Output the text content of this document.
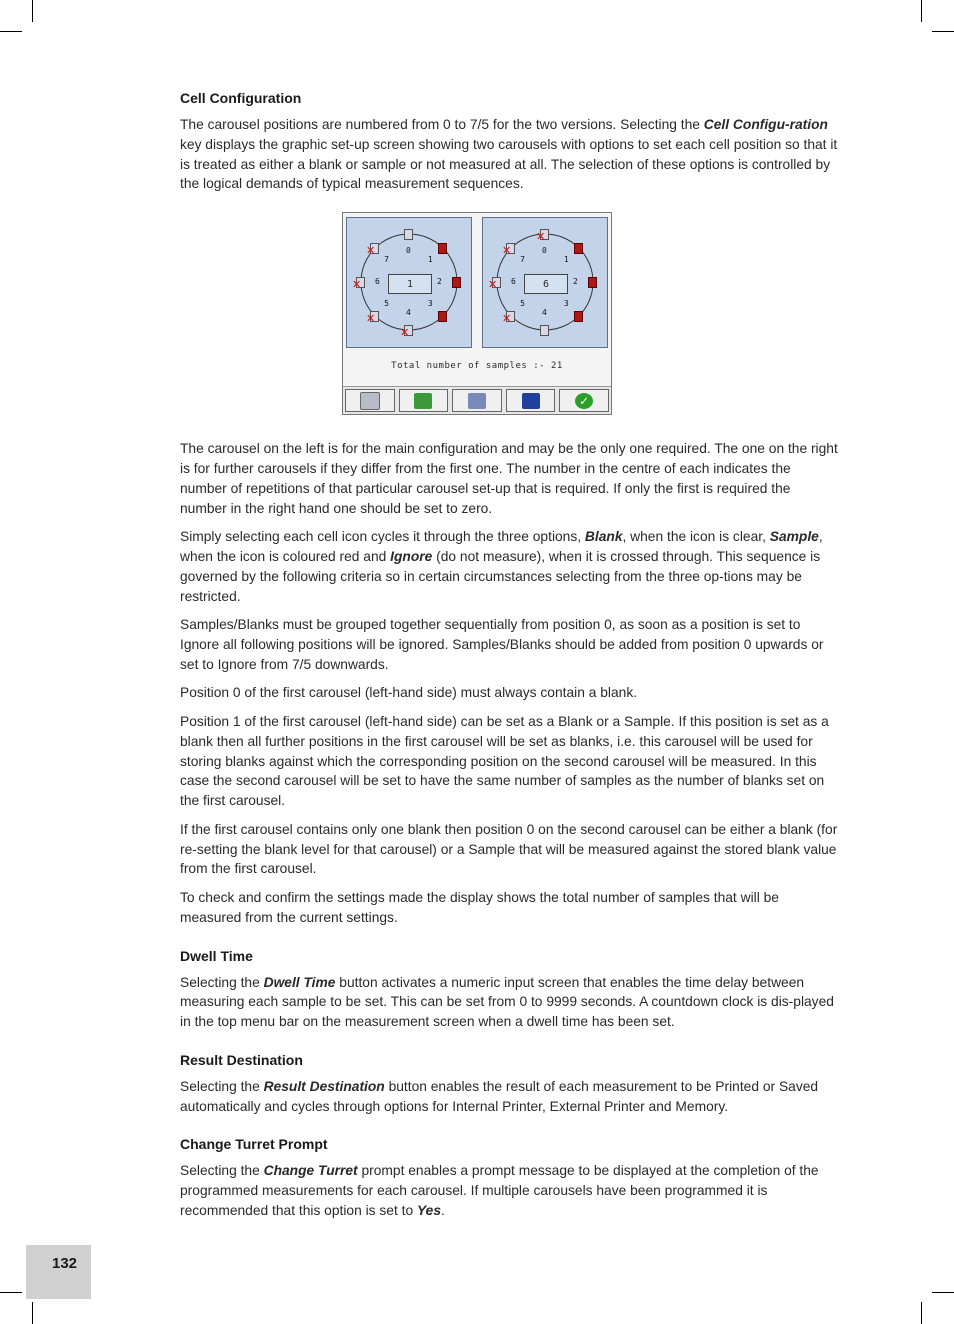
Cell Configuration

The carousel positions are numbered from 0 to 7/5 for the two versions. Selecting the Cell Configu-ration key displays the graphic set-up screen showing two carousels with options to set each cell position so that it is treated as either a blank or sample or not measured at all. The selection of these options is controlled by the logical demands of typical measurement sequences.

1
0
1
2
3
✕
4
✕
5
✕ 6
✕
7
6
✕
0
1
2
3
4
✕
5
✕ 6
✕
7
Total number of samples :- 21
✓

The carousel on the left is for the main configuration and may be the only one required. The one on the right is for further carousels if they differ from the first one. The number in the centre of each indicates the number of repetitions of that particular carousel set-up that is required. If only the first is required the number in the right hand one should be set to zero.

Simply selecting each cell icon cycles it through the three options, Blank, when the icon is clear, Sample, when the icon is coloured red and Ignore (do not measure), when it is crossed through. This sequence is governed by the following criteria so in certain circumstances selecting from the three op-tions may be restricted.

Samples/Blanks must be grouped together sequentially from position 0, as soon as a position is set to Ignore all following positions will be ignored. Samples/Blanks should be added from position 0 upwards or set to Ignore from 7/5 downwards.

Position 0 of the first carousel (left-hand side) must always contain a blank.

Position 1 of the first carousel (left-hand side) can be set as a Blank or a Sample. If this position is set as a blank then all further positions in the first carousel will be set as blanks, i.e. this carousel will be used for storing blanks against which the corresponding position on the second carousel will be measured. In this case the second carousel will be set to have the same number of samples as the number of blanks set on the first carousel.

If the first carousel contains only one blank then position 0 on the second carousel can be either a blank (for re-setting the blank level for that carousel) or a Sample that will be measured against the stored blank value from the first carousel.

To check and confirm the settings made the display shows the total number of samples that will be measured from the current settings.

Dwell Time

Selecting the Dwell Time button activates a numeric input screen that enables the time delay between measuring each sample to be set. This can be set from 0 to 9999 seconds. A countdown clock is dis-played in the top menu bar on the measurement screen when a dwell time has been set.

Result Destination

Selecting the Result Destination button enables the result of each measurement to be Printed or Saved automatically and cycles through options for Internal Printer, External Printer and Memory.

Change Turret Prompt

Selecting the Change Turret prompt enables a prompt message to be displayed at the completion of the programmed measurements for each carousel. If multiple carousels have been programmed it is recommended that this option is set to Yes.

132
